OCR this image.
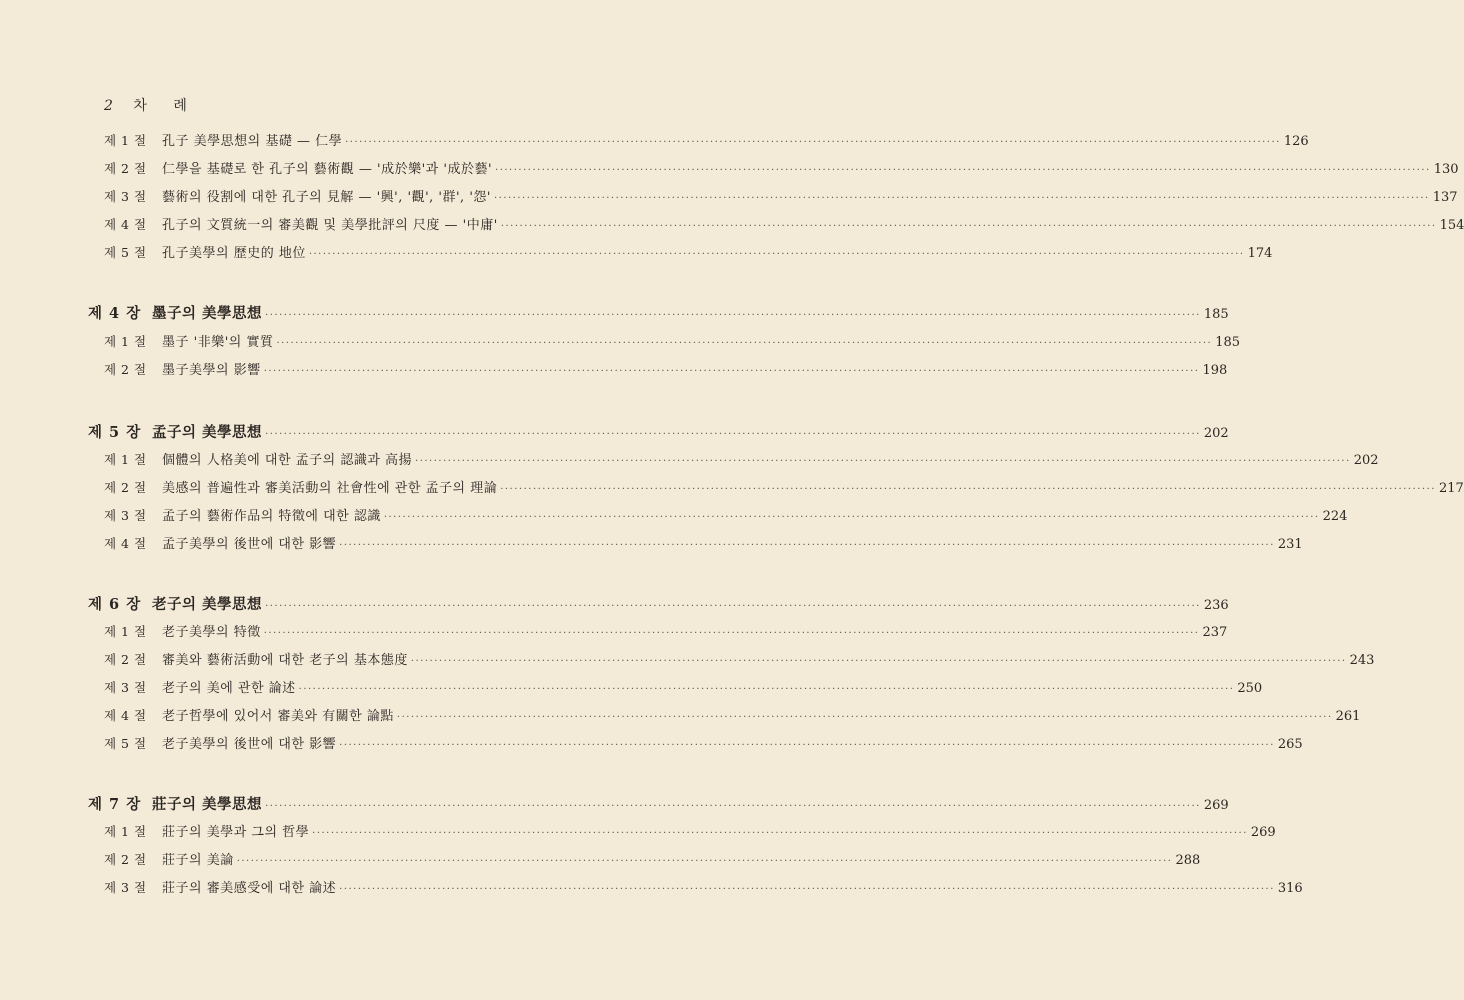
2 차 례
제 1 절	孔子 美學思想의 基礎 — 仁學 ········································································································································································································ 126
제 2 절	仁學을 基礎로 한 孔子의 藝術觀 — '成於樂'과 '成於藝' ········································································································································································································ 130
제 3 절	藝術의 役割에 대한 孔子의 見解 — '興', '觀', '群', '怨' ········································································································································································································ 137
제 4 절	孔子의 文質統一의 審美觀 및 美學批評의 尺度 — '中庸' ········································································································································································································ 154
제 5 절	孔子美學의 歷史的 地位 ········································································································································································································ 174
제 4 장 墨子의 美學思想 ········································································································································································································ 185
제 1 절	墨子 '非樂'의 實質 ········································································································································································································ 185
제 2 절	墨子美學의 影響 ········································································································································································································ 198
제 5 장 孟子의 美學思想 ········································································································································································································ 202
제 1 절	個體의 人格美에 대한 孟子의 認識과 高揚 ········································································································································································································ 202
제 2 절	美感의 普遍性과 審美活動의 社會性에 관한 孟子의 理論 ········································································································································································································ 217
제 3 절	孟子의 藝術作品의 特徵에 대한 認識 ········································································································································································································ 224
제 4 절	孟子美學의 後世에 대한 影響 ········································································································································································································ 231
제 6 장 老子의 美學思想 ········································································································································································································ 236
제 1 절	老子美學의 特徵 ········································································································································································································ 237
제 2 절	審美와 藝術活動에 대한 老子의 基本態度 ········································································································································································································ 243
제 3 절	老子의 美에 관한 論述 ········································································································································································································ 250
제 4 절	老子哲學에 있어서 審美와 有關한 論點 ········································································································································································································ 261
제 5 절	老子美學의 後世에 대한 影響 ········································································································································································································ 265
제 7 장 莊子의 美學思想 ········································································································································································································ 269
제 1 절	莊子의 美學과 그의 哲學 ········································································································································································································ 269
제 2 절	莊子의 美論 ········································································································································································································ 288
제 3 절	莊子의 審美感受에 대한 論述 ········································································································································································································ 316
